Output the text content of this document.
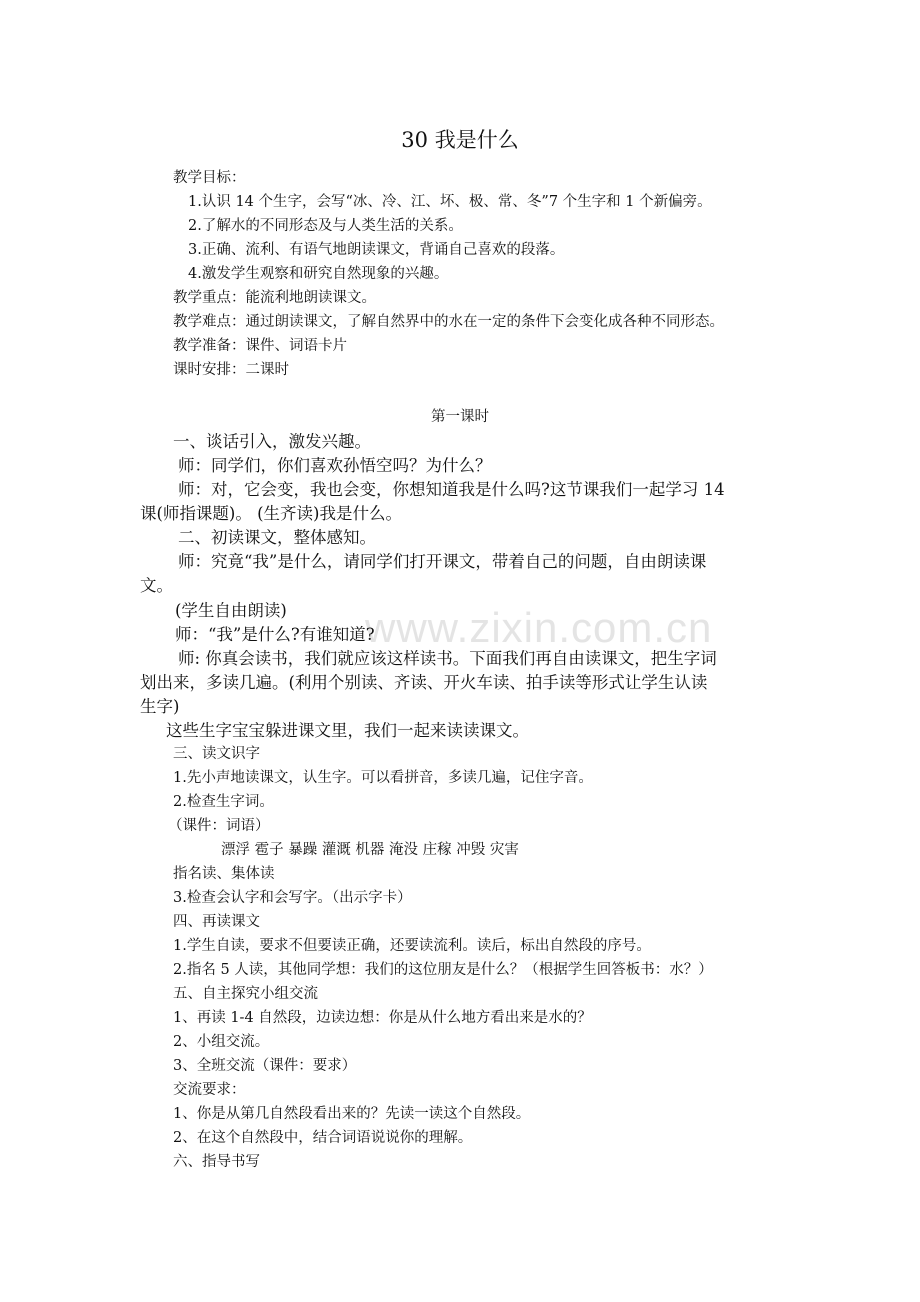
www.zixin.com.cn
30 我是什么
教学目标：
1.认识 14 个生字，会写“冰、冷、江、坏、极、常、冬”7 个生字和 1 个新偏旁。
2.了解水的不同形态及与人类生活的关系。
3.正确、流利、有语气地朗读课文，背诵自己喜欢的段落。
4.激发学生观察和研究自然现象的兴趣。
教学重点：能流利地朗读课文。
教学难点：通过朗读课文，了解自然界中的水在一定的条件下会变化成各种不同形态。
教学准备：课件、词语卡片
课时安排：二课时
第一课时
一、谈话引入，激发兴趣。
师：同学们，你们喜欢孙悟空吗？为什么？
师：对，它会变，我也会变，你想知道我是什么吗?这节课我们一起学习 14
课(师指课题)。 (生齐读)我是什么。
二、初读课文，整体感知。
师：究竟“我”是什么，请同学们打开课文，带着自己的问题，自由朗读课
文。
(学生自由朗读)
师：“我”是什么?有谁知道?
师: 你真会读书，我们就应该这样读书。下面我们再自由读课文，把生字词
划出来，多读几遍。(利用个别读、齐读、开火车读、拍手读等形式让学生认读
生字)
这些生字宝宝躲进课文里，我们一起来读读课文。
三、读文识字
1.先小声地读课文，认生字。可以看拼音，多读几遍，记住字音。
2.检查生字词。
（课件：词语）
漂浮 雹子 暴躁 灌溉 机器 淹没 庄稼 冲毁 灾害
指名读、集体读
3.检查会认字和会写字。（出示字卡）
四、再读课文
1.学生自读，要求不但要读正确，还要读流利。读后，标出自然段的序号。
2.指名 5 人读，其他同学想：我们的这位朋友是什么？（根据学生回答板书：水？）
五、自主探究小组交流
1、再读 1-4 自然段，边读边想：你是从什么地方看出来是水的？
2、小组交流。
3、全班交流（课件：要求）
交流要求：
1、你是从第几自然段看出来的？先读一读这个自然段。
2、在这个自然段中，结合词语说说你的理解。
六、指导书写
